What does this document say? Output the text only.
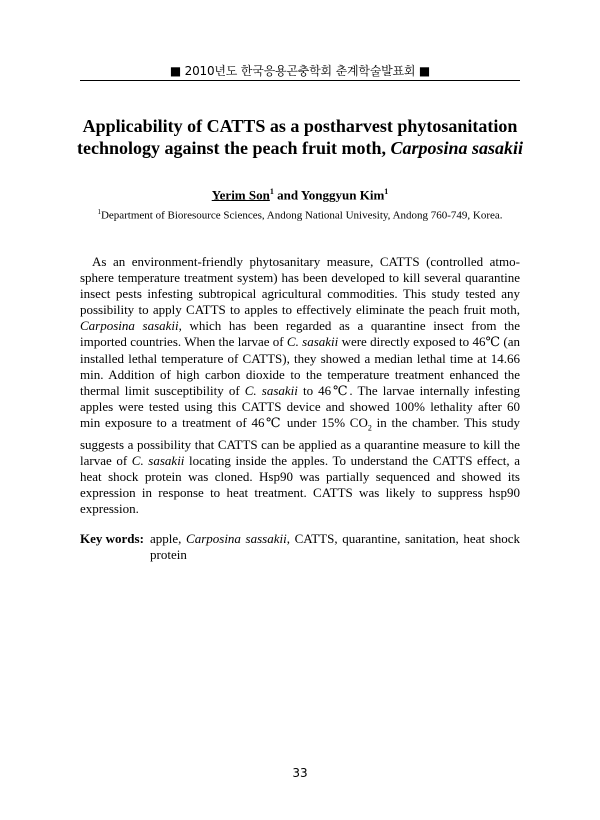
■ 2010년도 한국응용곤충학회 춘계학술발표회 ■
Applicability of CATTS as a postharvest phytosanitation
technology against the peach fruit moth, Carposina sasakii
Yerim Son$^1$ and Yonggyun Kim$^1$
$^1$Department of Bioresource Sciences, Andong National Univesity, Andong 760-749, Korea.
As an environment-friendly phytosanitary measure, CATTS (controlled atmo- sphere temperature treatment system) has been developed to kill several quarantine insect pests infesting subtropical agricultural commodities. This study tested any possibility to apply CATTS to apples to effectively eliminate the peach fruit moth, Carposina sasakii, which has been regarded as a quarantine insect from the imported countries. When the larvae of C. sasakii were directly exposed to 46℃ (an installed lethal temperature of CATTS), they showed a median lethal time at 14.66 min. Addition of high carbon dioxide to the temperature treatment enhanced the thermal limit susceptibility of C. sasakii to 46℃. The larvae internally infesting apples were tested using this CATTS device and showed 100% lethality after 60 min exposure to a treatment of 46℃ under 15% $CO_2$ in the chamber. This study suggests a possibility that CATTS can be applied as a quarantine measure to kill the larvae of C. sasakii locating inside the apples. To understand the CATTS effect, a heat shock protein was cloned. Hsp90 was partially sequenced and showed its expression in response to heat treatment. CATTS was likely to suppress hsp90 expression.
Key words: apple, Carposina sassakii, CATTS, quarantine, sanitation, heat shock protein
33
